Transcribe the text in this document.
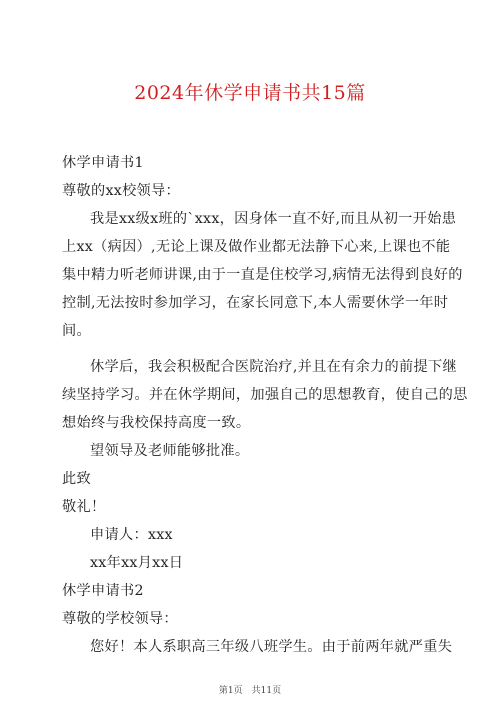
2024年休学申请书共15篇
休学申请书1
尊敬的xx校领导：
我是xx级x班的`xxx，因身体一直不好,而且从初一开始患
上xx（病因）,无论上课及做作业都无法静下心来,上课也不能
集中精力听老师讲课,由于一直是住校学习,病情无法得到良好的
控制,无法按时参加学习，在家长同意下,本人需要休学一年时
间。
休学后，我会积极配合医院治疗,并且在有余力的前提下继
续坚持学习。并在休学期间，加强自己的思想教育，使自己的思
想始终与我校保持高度一致。
望领导及老师能够批准。
此致
敬礼！
申请人：xxx
xx年xx月xx日
休学申请书2
尊敬的学校领导：
您好！本人系职高三年级八班学生。由于前两年就严重失
第1页　共11页
